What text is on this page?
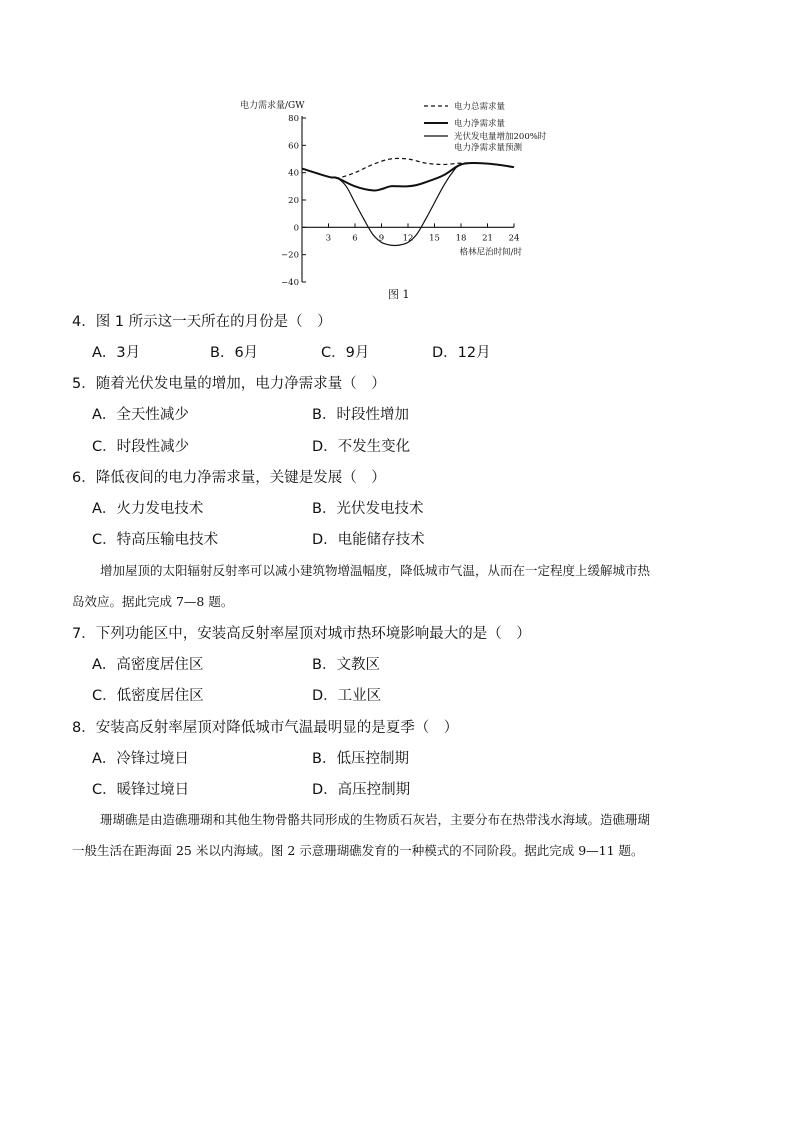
80
60
40
20
0
−20
−40
3 6 9 12 15 18 21 24
电力需求量/GW
格林尼治时间/时
电力总需求量
电力净需求量
光伏发电量增加200%时
电力净需求量预测
图 1
4．图 1 所示这一天所在的月份是（　）
A．3月	B．6月	C．9月	D．12月
5．随着光伏发电量的增加，电力净需求量（　）
A．全天性减少	B．时段性增加
C．时段性减少	D．不发生变化
6．降低夜间的电力净需求量，关键是发展（　）
A．火力发电技术	B．光伏发电技术
C．特高压输电技术	D．电能储存技术
增加屋顶的太阳辐射反射率可以减小建筑物增温幅度，降低城市气温，从而在一定程度上缓解城市热
岛效应。据此完成 7—8 题。
7．下列功能区中，安装高反射率屋顶对城市热环境影响最大的是（　）
A．高密度居住区	B．文教区
C．低密度居住区	D．工业区
8．安装高反射率屋顶对降低城市气温最明显的是夏季（　）
A．冷锋过境日	B．低压控制期
C．暖锋过境日	D．高压控制期
珊瑚礁是由造礁珊瑚和其他生物骨骼共同形成的生物质石灰岩，主要分布在热带浅水海域。造礁珊瑚
一般生活在距海面 25 米以内海域。图 2 示意珊瑚礁发育的一种模式的不同阶段。据此完成 9—11 题。
